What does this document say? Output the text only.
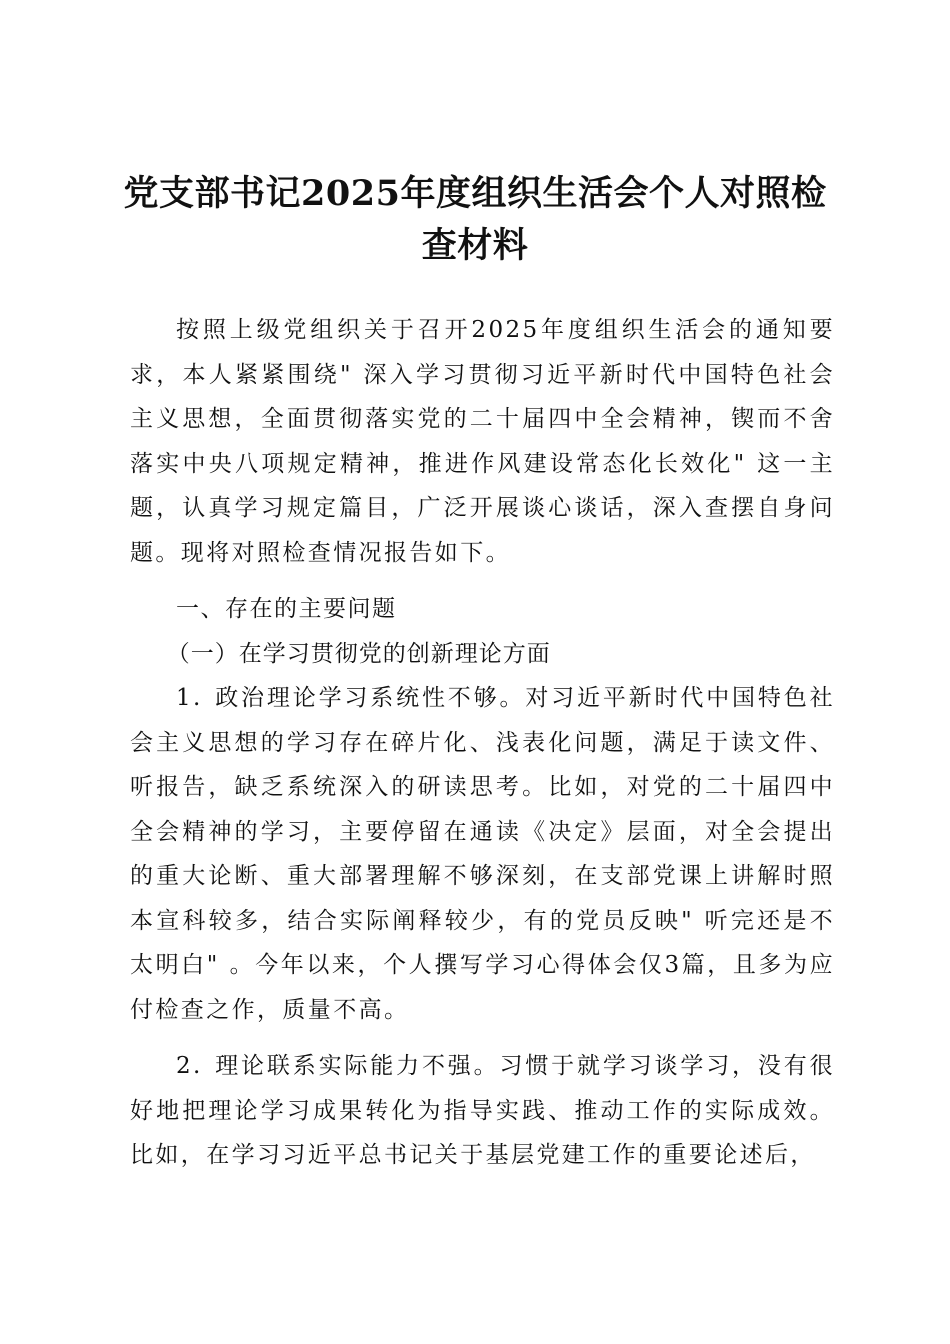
党支部书记2025年度组织生活会个人对照检查材料

按照上级党组织关于召开2025年度组织生活会的通知要求，本人紧紧围绕" 深入学习贯彻习近平新时代中国特色社会主义思想，全面贯彻落实党的二十届四中全会精神，锲而不舍落实中央八项规定精神，推进作风建设常态化长效化" 这一主题，认真学习规定篇目，广泛开展谈心谈话，深入查摆自身问题。现将对照检查情况报告如下。

一、存在的主要问题

（一）在学习贯彻党的创新理论方面

1. 政治理论学习系统性不够。对习近平新时代中国特色社会主义思想的学习存在碎片化、浅表化问题，满足于读文件、听报告，缺乏系统深入的研读思考。比如，对党的二十届四中全会精神的学习，主要停留在通读《决定》层面，对全会提出的重大论断、重大部署理解不够深刻，在支部党课上讲解时照本宣科较多，结合实际阐释较少，有的党员反映" 听完还是不太明白" 。今年以来，个人撰写学习心得体会仅3篇，且多为应付检查之作，质量不高。

2. 理论联系实际能力不强。习惯于就学习谈学习，没有很好地把理论学习成果转化为指导实践、推动工作的实际成效。比如，在学习习近平总书记关于基层党建工作的重要论述后，
